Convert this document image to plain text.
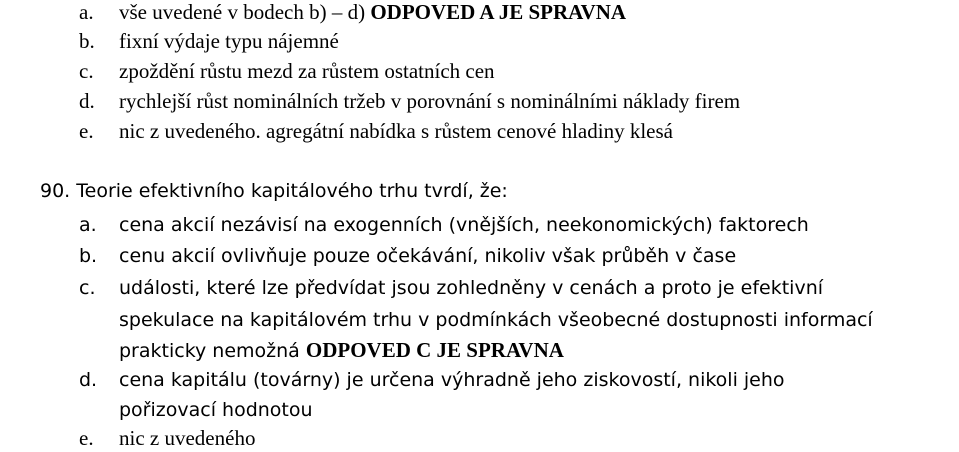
a. vše uvedené v bodech b) – d) ODPOVED A JE SPRAVNA
b. fixní výdaje typu nájemné
c. zpoždění růstu mezd za růstem ostatních cen
d. rychlejší růst nominálních tržeb v porovnání s nominálními náklady firem
e. nic z uvedeného. agregátní nabídka s růstem cenové hladiny klesá
90. Teorie efektivního kapitálového trhu tvrdí, že:
a. cena akcií nezávisí na exogenních (vnějších, neekonomických) faktorech
b. cenu akcií ovlivňuje pouze očekávání, nikoliv však průběh v čase
c. události, které lze předvídat jsou zohledněny v cenách a proto je efektivní
spekulace na kapitálovém trhu v podmínkách všeobecné dostupnosti informací
prakticky nemožná ODPOVED C JE SPRAVNA
d. cena kapitálu (továrny) je určena výhradně jeho ziskovostí, nikoli jeho
pořizovací hodnotou
e. nic z uvedeného
